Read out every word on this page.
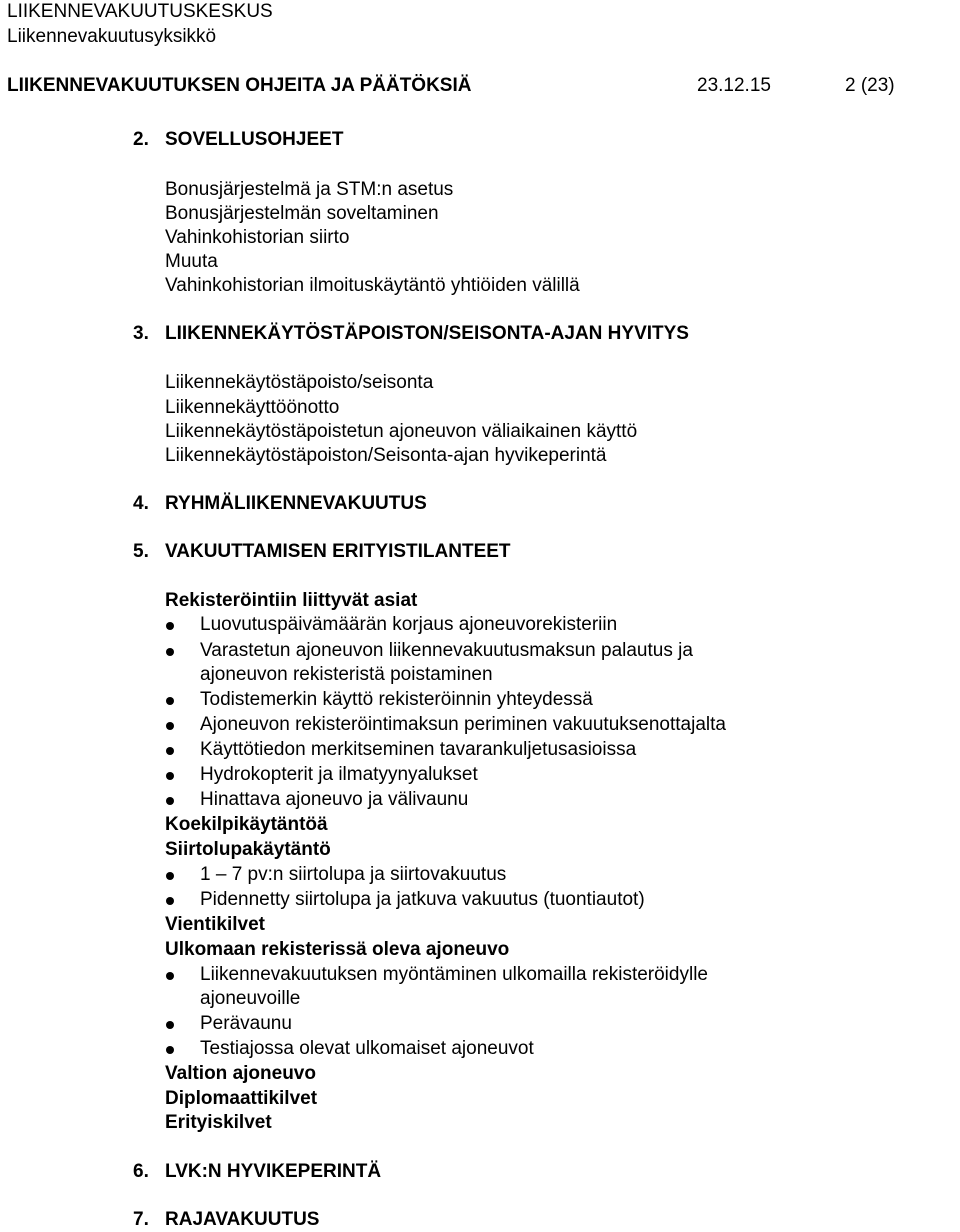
LIIKENNEVAKUUTUSKESKUS
Liikennevakuutusyksikkö
LIIKENNEVAKUUTUKSEN OHJEITA JA PÄÄTÖKSIÄ	23.12.15	2 (23)
2. SOVELLUSOHJEET
Bonusjärjestelmä ja STM:n asetus
Bonusjärjestelmän soveltaminen
Vahinkohistorian siirto
Muuta
Vahinkohistorian ilmoituskäytäntö yhtiöiden välillä
3. LIIKENNEKÄYTÖSTÄPOISTON/SEISONTA-AJAN HYVITYS
Liikennekäytöstäpoisto/seisonta
Liikennekäyttöönotto
Liikennekäytöstäpoistetun ajoneuvon väliaikainen käyttö
Liikennekäytöstäpoiston/Seisonta-ajan hyvikeperintä
4. RYHMÄLIIKENNEVAKUUTUS
5. VAKUUTTAMISEN ERITYISTILANTEET
Rekisteröintiin liittyvät asiat
Luovutuspäivämäärän korjaus ajoneuvorekisteriin
Varastetun ajoneuvon liikennevakuutusmaksun palautus ja
ajoneuvon rekisteristä poistaminen
Todistemerkin käyttö rekisteröinnin yhteydessä
Ajoneuvon rekisteröintimaksun periminen vakuutuksenottajalta
Käyttötiedon merkitseminen tavarankuljetusasioissa
Hydrokopterit ja ilmatyynyalukset
Hinattava ajoneuvo ja välivaunu
Koekilpikäytäntöä
Siirtolupakäytäntö
1 – 7 pv:n siirtolupa ja siirtovakuutus
Pidennetty siirtolupa ja jatkuva vakuutus (tuontiautot)
Vientikilvet
Ulkomaan rekisterissä oleva ajoneuvo
Liikennevakuutuksen myöntäminen ulkomailla rekisteröidylle
ajoneuvoille
Perävaunu
Testiajossa olevat ulkomaiset ajoneuvot
Valtion ajoneuvo
Diplomaattikilvet
Erityiskilvet
6. LVK:N HYVIKEPERINTÄ
7. RAJAVAKUUTUS
